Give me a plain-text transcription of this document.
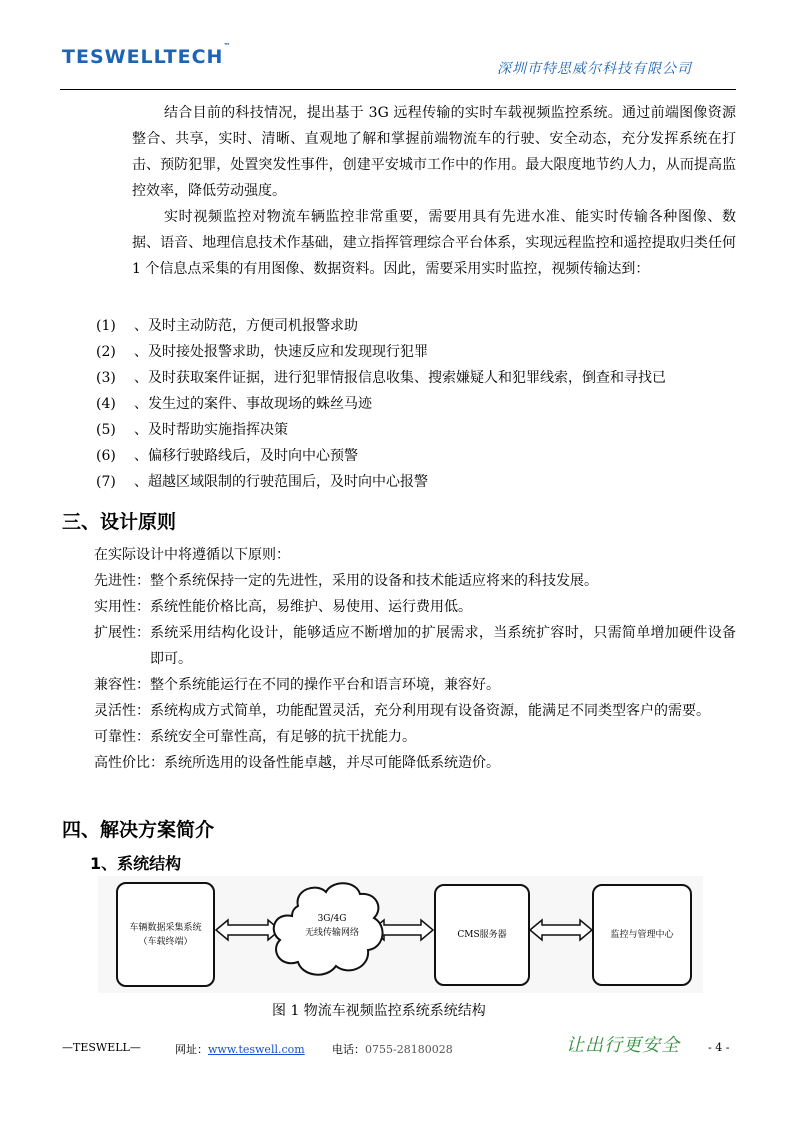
TESWELLTECH™
深圳市特思威尔科技有限公司
结合目前的科技情况，提出基于 3G 远程传输的实时车载视频监控系统。通过前端图像资源整合、共享，实时、清晰、直观地了解和掌握前端物流车的行驶、安全动态，充分发挥系统在打击、预防犯罪，处置突发性事件，创建平安城市工作中的作用。最大限度地节约人力，从而提高监控效率，降低劳动强度。
实时视频监控对物流车辆监控非常重要，需要用具有先进水准、能实时传输各种图像、数据、语音、地理信息技术作基础，建立指挥管理综合平台体系，实现远程监控和遥控提取归类任何 1 个信息点采集的有用图像、数据资料。因此，需要采用实时监控，视频传输达到：
(1) 、及时主动防范，方便司机报警求助
(2) 、及时接处报警求助，快速反应和发现现行犯罪
(3) 、及时获取案件证据，进行犯罪情报信息收集、搜索嫌疑人和犯罪线索，倒查和寻找已
(4) 、发生过的案件、事故现场的蛛丝马迹
(5) 、及时帮助实施指挥决策
(6) 、偏移行驶路线后，及时向中心预警
(7) 、超越区域限制的行驶范围后，及时向中心报警
三、设计原则
在实际设计中将遵循以下原则：
先进性： 整个系统保持一定的先进性，采用的设备和技术能适应将来的科技发展。
实用性： 系统性能价格比高，易维护、易使用、运行费用低。
扩展性： 系统采用结构化设计，能够适应不断增加的扩展需求，当系统扩容时，只需简单增加硬件设备即可。
兼容性： 整个系统能运行在不同的操作平台和语言环境，兼容好。
灵活性： 系统构成方式简单，功能配置灵活，充分利用现有设备资源，能满足不同类型客户的需要。
可靠性： 系统安全可靠性高，有足够的抗干扰能力。
高性价比： 系统所选用的设备性能卓越，并尽可能降低系统造价。
四、解决方案简介
1、系统结构
车辆数据采集系统
（车载终端）
3G/4G
无线传输网络	CMS服务器	监控与管理中心
图 1 物流车视频监控系统系统结构
—TESWELL—	网址：www.teswell.com 电话：0755-28180028	让出行更安全	- 4 -
